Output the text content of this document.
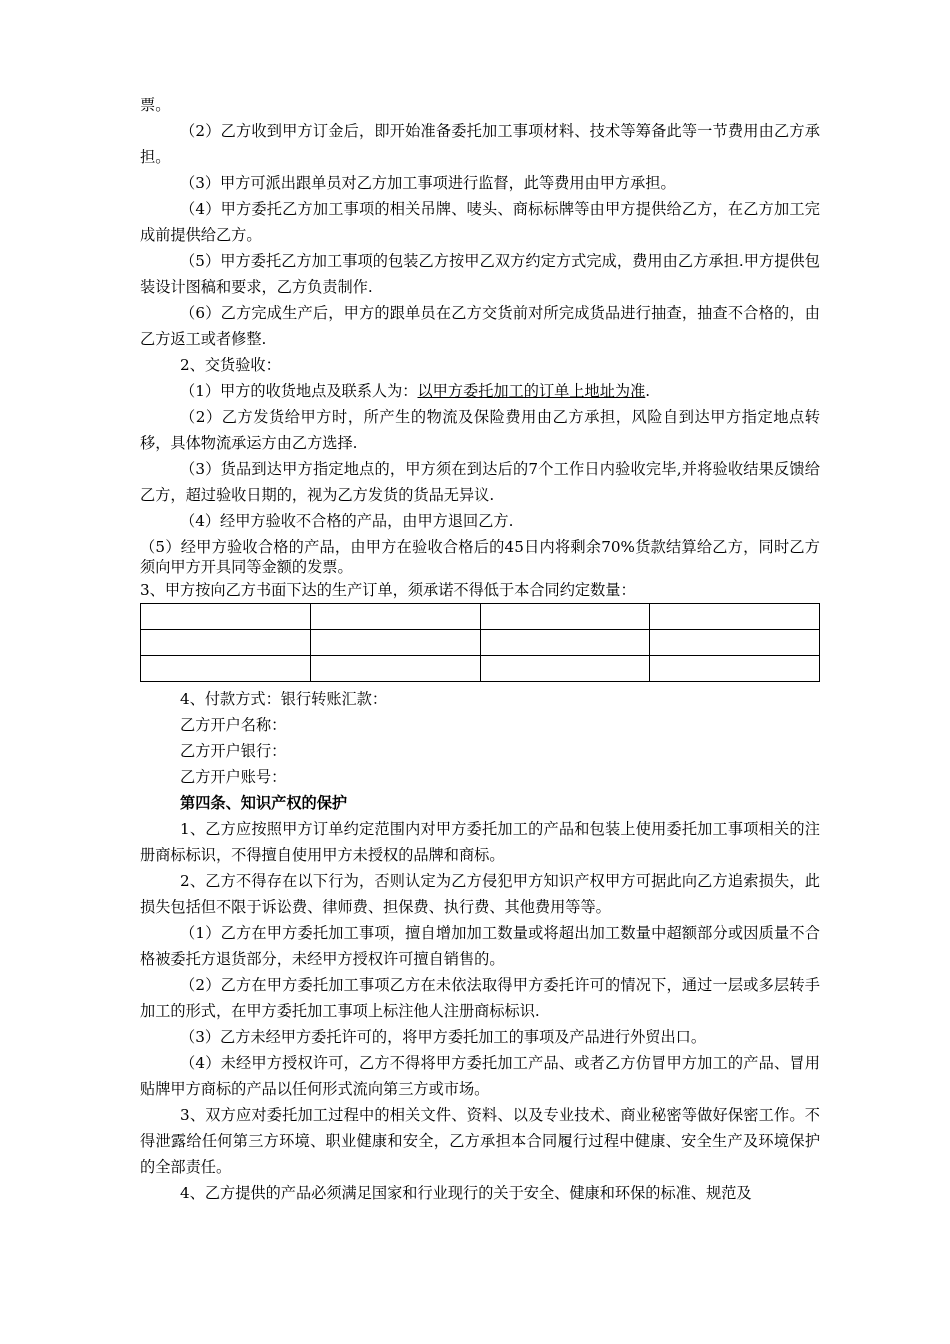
票。

（2）乙方收到甲方订金后，即开始准备委托加工事项材料、技术等筹备此等一节费用由乙方承担。

（3）甲方可派出跟单员对乙方加工事项进行监督，此等费用由甲方承担。

（4）甲方委托乙方加工事项的相关吊牌、唛头、商标标牌等由甲方提供给乙方，在乙方加工完成前提供给乙方。

（5）甲方委托乙方加工事项的包装乙方按甲乙双方约定方式完成，费用由乙方承担.甲方提供包装设计图稿和要求，乙方负责制作.

（6）乙方完成生产后，甲方的跟单员在乙方交货前对所完成货品进行抽查，抽查不合格的，由乙方返工或者修整.

2、交货验收：

（1）甲方的收货地点及联系人为：以甲方委托加工的订单上地址为准.

（2）乙方发货给甲方时，所产生的物流及保险费用由乙方承担，风险自到达甲方指定地点转移，具体物流承运方由乙方选择.

（3）货品到达甲方指定地点的，甲方须在到达后的7个工作日内验收完毕,并将验收结果反馈给乙方，超过验收日期的，视为乙方发货的货品无异议.

（4）经甲方验收不合格的产品，由甲方退回乙方.

（5）经甲方验收合格的产品，由甲方在验收合格后的45日内将剩余70%货款结算给乙方，同时乙方须向甲方开具同等金额的发票。

3、甲方按向乙方书面下达的生产订单，须承诺不得低于本合同约定数量：

4、付款方式：银行转账汇款：

乙方开户名称：

乙方开户银行：

乙方开户账号：

第四条、知识产权的保护

1、乙方应按照甲方订单约定范围内对甲方委托加工的产品和包装上使用委托加工事项相关的注册商标标识，不得擅自使用甲方未授权的品牌和商标。

2、乙方不得存在以下行为，否则认定为乙方侵犯甲方知识产权甲方可据此向乙方追索损失，此损失包括但不限于诉讼费、律师费、担保费、执行费、其他费用等等。

（1）乙方在甲方委托加工事项，擅自增加加工数量或将超出加工数量中超额部分或因质量不合格被委托方退货部分，未经甲方授权许可擅自销售的。

（2）乙方在甲方委托加工事项乙方在未依法取得甲方委托许可的情况下，通过一层或多层转手加工的形式，在甲方委托加工事项上标注他人注册商标标识.

（3）乙方未经甲方委托许可的，将甲方委托加工的事项及产品进行外贸出口。

（4）未经甲方授权许可，乙方不得将甲方委托加工产品、或者乙方仿冒甲方加工的产品、冒用贴牌甲方商标的产品以任何形式流向第三方或市场。

3、双方应对委托加工过程中的相关文件、资料、以及专业技术、商业秘密等做好保密工作。不得泄露给任何第三方环境、职业健康和安全，乙方承担本合同履行过程中健康、安全生产及环境保护的全部责任。

4、乙方提供的产品必须满足国家和行业现行的关于安全、健康和环保的标准、规范及
